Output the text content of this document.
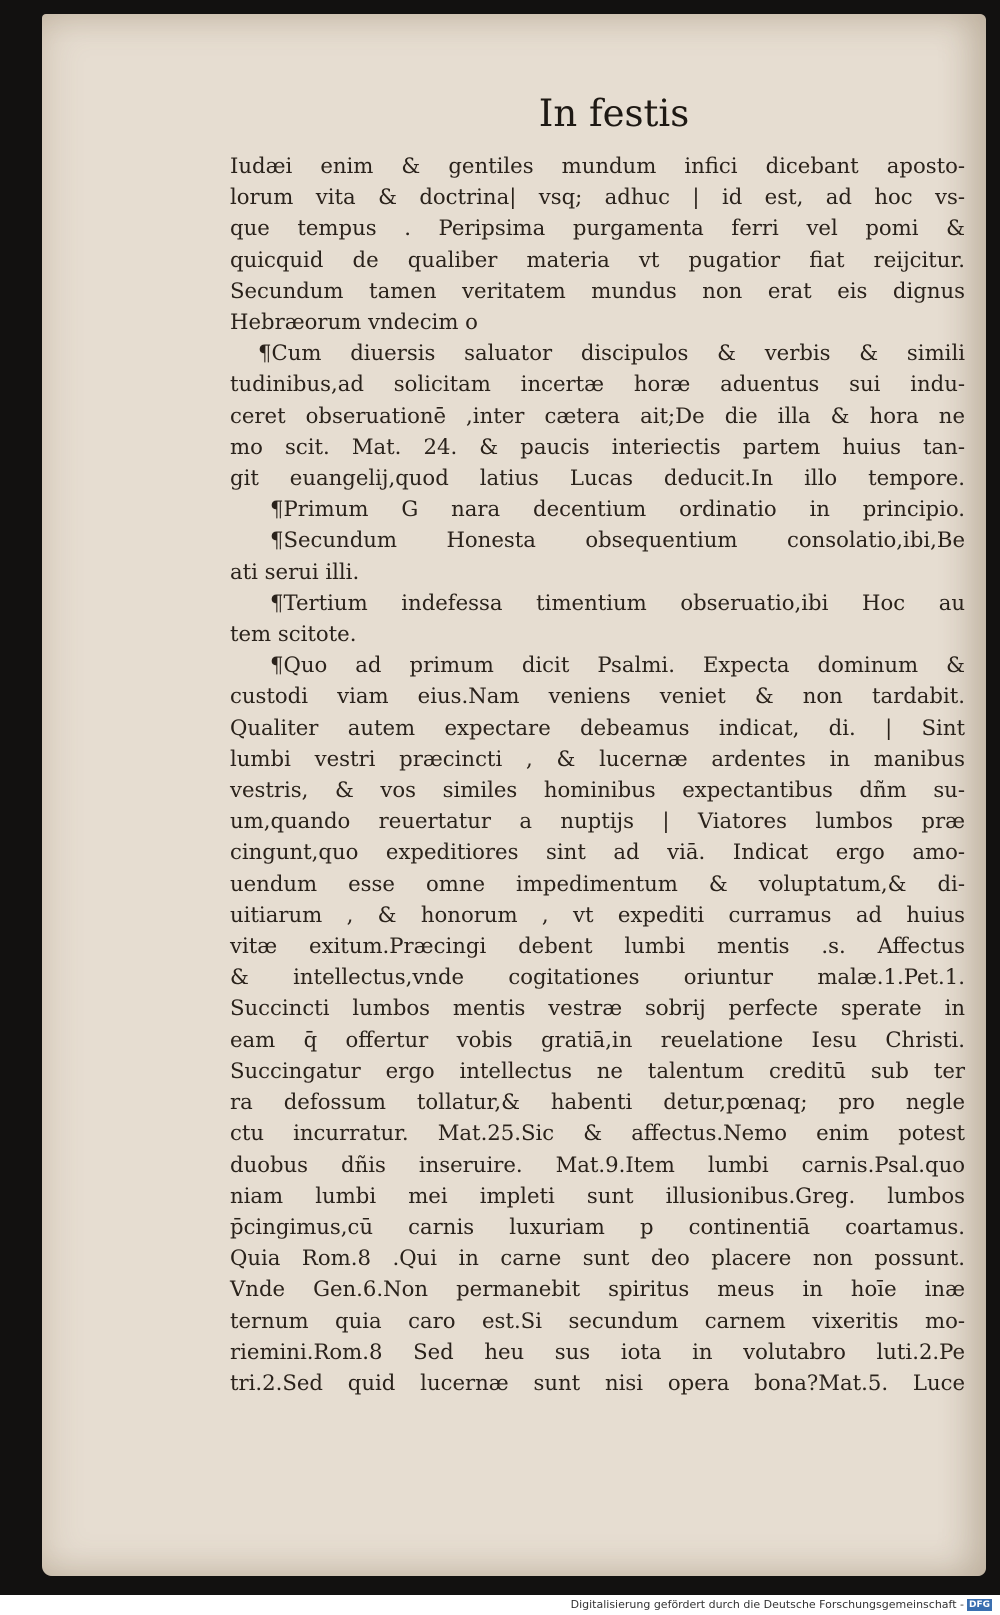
In festis

Iudæi enim & gentiles mundum infici dicebant aposto-

lorum vita & doctrina| vsq; adhuc | id est, ad hoc vs-

que tempus . Peripsima purgamenta ferri vel pomi &

quicquid de qualiber materia vt pugatior fiat reijcitur.

Secundum tamen veritatem mundus non erat eis dignus

Hebræorum vndecim o

¶Cum diuersis saluator discipulos & verbis & simili

tudinibus,ad solicitam incertæ horæ aduentus sui indu-

ceret obseruationē ,inter cætera ait;De die illa & hora ne

mo scit. Mat. 24. & paucis interiectis partem huius tan-

git euangelij,quod latius Lucas deducit.In illo tempore.

¶Primum G nara decentium ordinatio in principio.

¶Secundum Honesta obsequentium consolatio,ibi,Be

ati serui illi.

¶Tertium indefessa timentium obseruatio,ibi Hoc au

tem scitote.

¶Quo ad primum dicit Psalmi. Expecta dominum &

custodi viam eius.Nam veniens veniet & non tardabit.

Qualiter autem expectare debeamus indicat, di. | Sint

lumbi vestri præcincti , & lucernæ ardentes in manibus

vestris, & vos similes hominibus expectantibus dñm su-

um,quando reuertatur a nuptijs | Viatores lumbos præ

cingunt,quo expeditiores sint ad viā. Indicat ergo amo-

uendum esse omne impedimentum & voluptatum,& di-

uitiarum , & honorum , vt expediti curramus ad huius

vitæ exitum.Præcingi debent lumbi mentis .s. Affectus

& intellectus,vnde cogitationes oriuntur malæ.1.Pet.1.

Succincti lumbos mentis vestræ sobrij perfecte sperate in

eam q̄ offertur vobis gratiā,in reuelatione Iesu Christi.

Succingatur ergo intellectus ne talentum creditū sub ter

ra defossum tollatur,& habenti detur,pœnaq; pro negle

ctu incurratur. Mat.25.Sic & affectus.Nemo enim potest

duobus dñis inseruire. Mat.9.Item lumbi carnis.Psal.quo

niam lumbi mei impleti sunt illusionibus.Greg. lumbos

p̄cingimus,cū carnis luxuriam p continentiā coartamus.

Quia Rom.8 .Qui in carne sunt deo placere non possunt.

Vnde Gen.6.Non permanebit spiritus meus in hoīe inæ

ternum quia caro est.Si secundum carnem vixeritis mo-

riemini.Rom.8 Sed heu sus iota in volutabro luti.2.Pe

tri.2.Sed quid lucernæ sunt nisi opera bona?Mat.5. Luce

Digitalisierung gefördert durch die Deutsche Forschungsgemeinschaft - DFG
